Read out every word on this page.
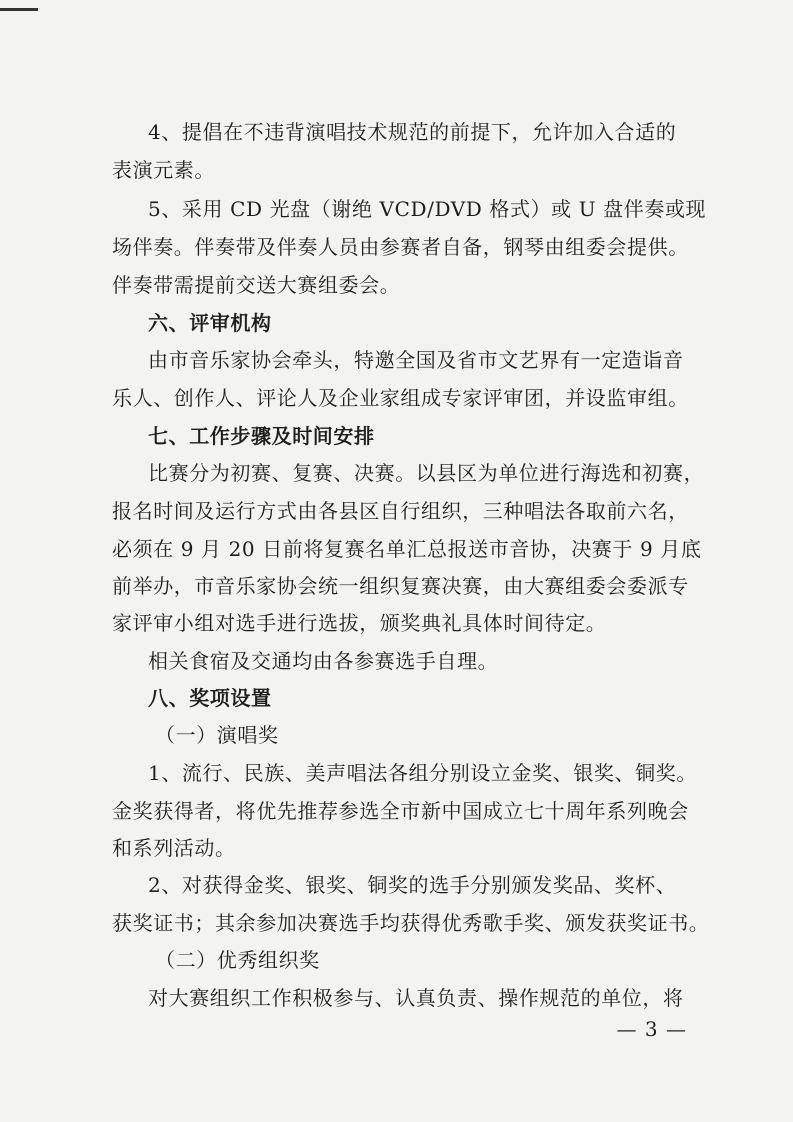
4、提倡在不违背演唱技术规范的前提下，允许加入合适的
表演元素。
5、采用 CD 光盘（谢绝 VCD/DVD 格式）或 U 盘伴奏或现
场伴奏。伴奏带及伴奏人员由参赛者自备，钢琴由组委会提供。
伴奏带需提前交送大赛组委会。
六、评审机构
由市音乐家协会牵头，特邀全国及省市文艺界有一定造诣音
乐人、创作人、评论人及企业家组成专家评审团，并设监审组。
七、工作步骤及时间安排
比赛分为初赛、复赛、决赛。以县区为单位进行海选和初赛，
报名时间及运行方式由各县区自行组织，三种唱法各取前六名，
必须在 9 月 20 日前将复赛名单汇总报送市音协，决赛于 9 月底
前举办，市音乐家协会统一组织复赛决赛，由大赛组委会委派专
家评审小组对选手进行选拔，颁奖典礼具体时间待定。
相关食宿及交通均由各参赛选手自理。
八、奖项设置
（一）演唱奖
1、流行、民族、美声唱法各组分别设立金奖、银奖、铜奖。
金奖获得者，将优先推荐参选全市新中国成立七十周年系列晚会
和系列活动。
2、对获得金奖、银奖、铜奖的选手分别颁发奖品、奖杯、
获奖证书；其余参加决赛选手均获得优秀歌手奖、颁发获奖证书。
（二）优秀组织奖
对大赛组织工作积极参与、认真负责、操作规范的单位，将
— 3 —
